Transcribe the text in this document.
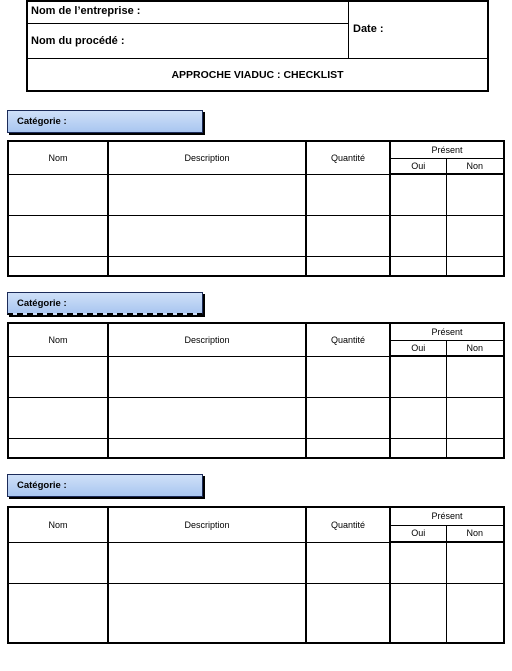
Nom de l’entreprise :
Nom du procédé :
Date :
APPROCHE VIADUC : CHECKLIST
Catégorie :
Nom	Description	Quantité	Présent	
			Oui	Non

Catégorie :
Nom	Description	Quantité	Présent	
			Oui	Non

Catégorie :
Nom	Description	Quantité	Présent	
			Oui	Non
